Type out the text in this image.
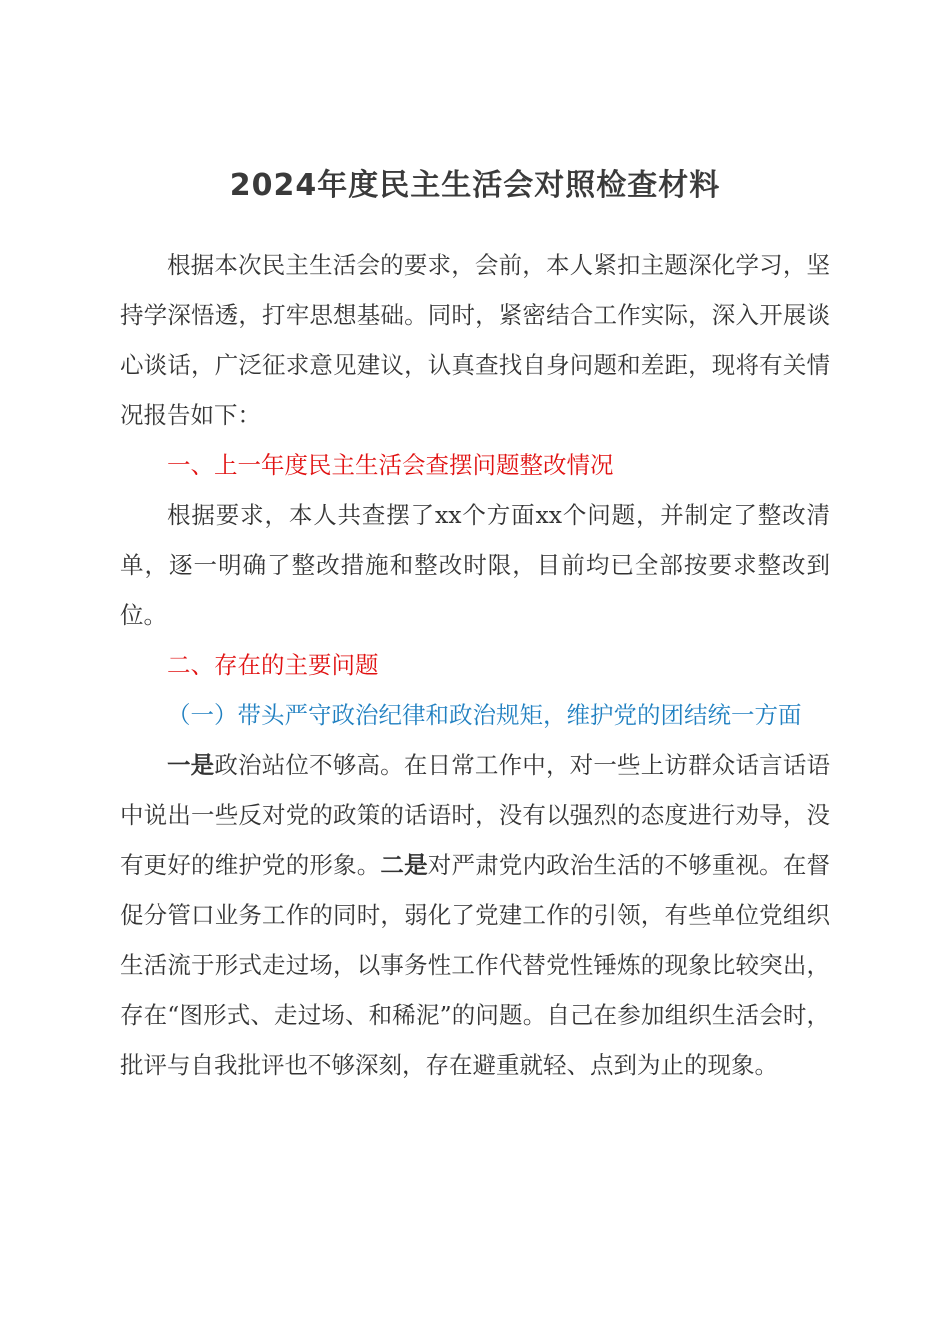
2024年度民主生活会对照检查材料

根据本次民主生活会的要求，会前，本人紧扣主题深化学习，坚持学深悟透，打牢思想基础。同时，紧密结合工作实际，深入开展谈心谈话，广泛征求意见建议，认真查找自身问题和差距，现将有关情况报告如下：

一、上一年度民主生活会查摆问题整改情况

根据要求，本人共查摆了xx个方面xx个问题，并制定了整改清单，逐一明确了整改措施和整改时限，目前均已全部按要求整改到位。

二、存在的主要问题

（一）带头严守政治纪律和政治规矩，维护党的团结统一方面

一是政治站位不够高。在日常工作中，对一些上访群众话言话语中说出一些反对党的政策的话语时，没有以强烈的态度进行劝导，没有更好的维护党的形象。二是对严肃党内政治生活的不够重视。在督促分管口业务工作的同时，弱化了党建工作的引领，有些单位党组织生活流于形式走过场，以事务性工作代替党性锤炼的现象比较突出，存在“图形式、走过场、和稀泥”的问题。自己在参加组织生活会时，批评与自我批评也不够深刻，存在避重就轻、点到为止的现象。
